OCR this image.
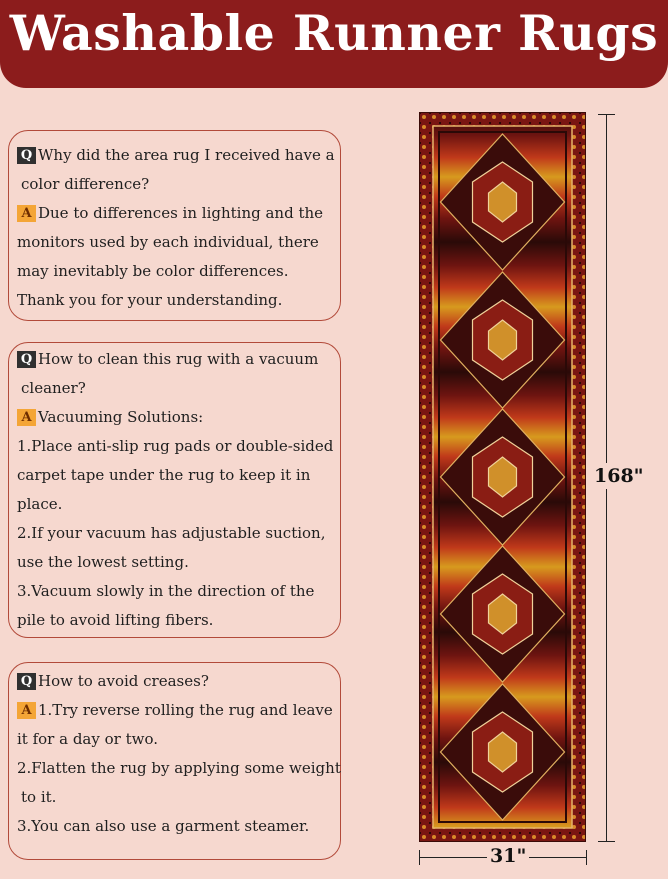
Washable Runner Rugs
Q Why did the area rug I received have a
color difference?
A Due to differences in lighting and the
monitors used by each individual, there
may inevitably be color differences.
Thank you for your understanding.
Q How to clean this rug with a vacuum
cleaner?
A Vacuuming Solutions:
1.Place anti-slip rug pads or double-sided
carpet tape under the rug to keep it in
place.
2.If your vacuum has adjustable suction,
use the lowest setting.
3.Vacuum slowly in the direction of the
pile to avoid lifting fibers.
Q How to avoid creases?
A 1.Try reverse rolling the rug and leave
it for a day or two.
2.Flatten the rug by applying some weight
to it.
3.You can also use a garment steamer.
168"
31"
